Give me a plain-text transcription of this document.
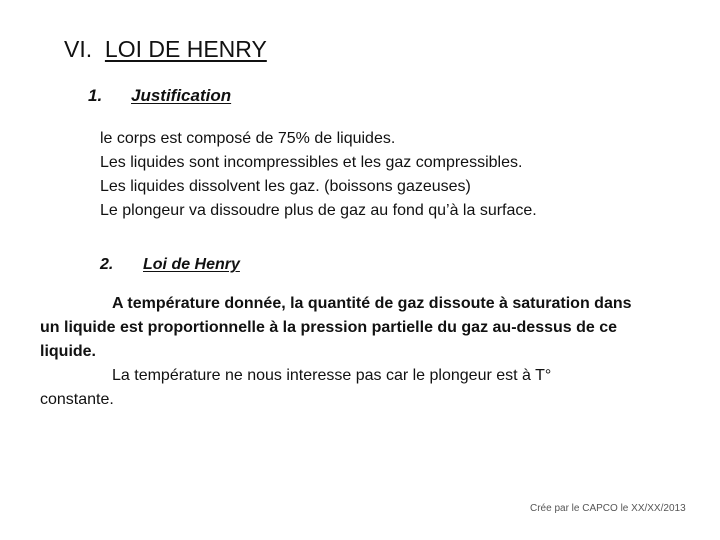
VI. LOI DE HENRY
1. Justification
le corps est composé de 75% de liquides.
Les liquides sont incompressibles et les gaz compressibles.
Les liquides dissolvent les gaz. (boissons gazeuses)
Le plongeur va dissoudre plus de gaz au fond qu’à la surface.
2. Loi de Henry
A température donnée, la quantité de gaz dissoute à saturation dans
un liquide est proportionnelle à la pression partielle du gaz au-dessus de ce
liquide.
La température ne nous interesse pas car le plongeur est à T°
constante.
Crée par le CAPCO le XX/XX/2013
